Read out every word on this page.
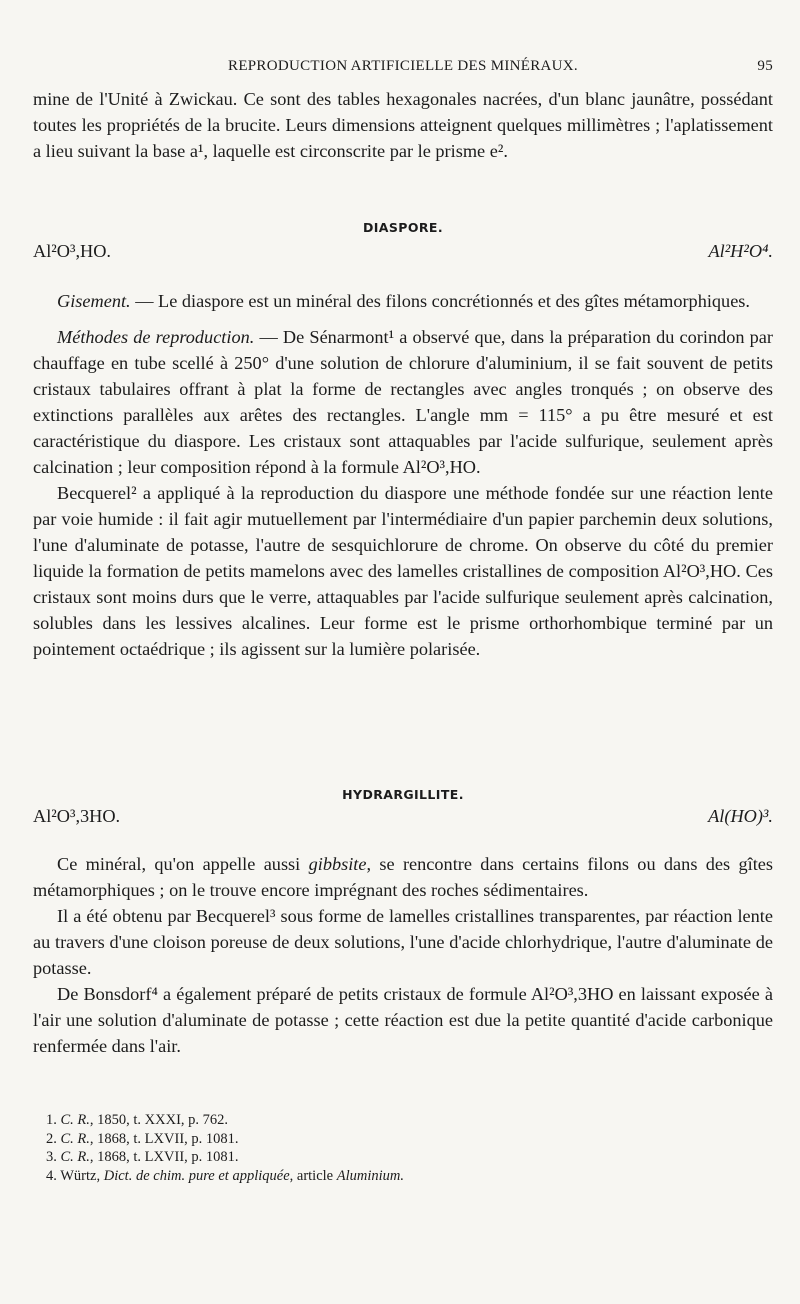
REPRODUCTION ARTIFICIELLE DES MINÉRAUX.	95

mine de l'Unité à Zwickau. Ce sont des tables hexagonales nacrées, d'un blanc jaunâtre, possédant toutes les propriétés de la brucite. Leurs dimensions atteignent quelques millimètres ; l'aplatissement a lieu suivant la base a¹, laquelle est circonscrite par le prisme e².

DIASPORE.
Al²O³,HO.	Al²H²O⁴.

Gisement. — Le diaspore est un minéral des filons concrétionnés et des gîtes métamorphiques.

Méthodes de reproduction. — De Sénarmont¹ a observé que, dans la préparation du corindon par chauffage en tube scellé à 250° d'une solution de chlorure d'aluminium, il se fait souvent de petits cristaux tabulaires offrant à plat la forme de rectangles avec angles tronqués ; on observe des extinctions parallèles aux arêtes des rectangles. L'angle mm = 115° a pu être mesuré et est caractéristique du diaspore. Les cristaux sont attaquables par l'acide sulfurique, seulement après calcination ; leur composition répond à la formule Al²O³,HO.

Becquerel² a appliqué à la reproduction du diaspore une méthode fondée sur une réaction lente par voie humide : il fait agir mutuellement par l'intermédiaire d'un papier parchemin deux solutions, l'une d'aluminate de potasse, l'autre de sesquichlorure de chrome. On observe du côté du premier liquide la formation de petits mamelons avec des lamelles cristallines de composition Al²O³,HO. Ces cristaux sont moins durs que le verre, attaquables par l'acide sulfurique seulement après calcination, solubles dans les lessives alcalines. Leur forme est le prisme orthorhombique terminé par un pointement octaédrique ; ils agissent sur la lumière polarisée.

HYDRARGILLITE.
Al²O³,3HO.	Al(HO)³.

Ce minéral, qu'on appelle aussi gibbsite, se rencontre dans certains filons ou dans des gîtes métamorphiques ; on le trouve encore imprégnant des roches sédimentaires.

Il a été obtenu par Becquerel³ sous forme de lamelles cristallines transparentes, par réaction lente au travers d'une cloison poreuse de deux solutions, l'une d'acide chlorhydrique, l'autre d'aluminate de potasse.

De Bonsdorf⁴ a également préparé de petits cristaux de formule Al²O³,3HO en laissant exposée à l'air une solution d'aluminate de potasse ; cette réaction est due la petite quantité d'acide carbonique renfermée dans l'air.

1. C. R., 1850, t. XXXI, p. 762.
2. C. R., 1868, t. LXVII, p. 1081.
3. C. R., 1868, t. LXVII, p. 1081.
4. Würtz, Dict. de chim. pure et appliquée, article Aluminium.
